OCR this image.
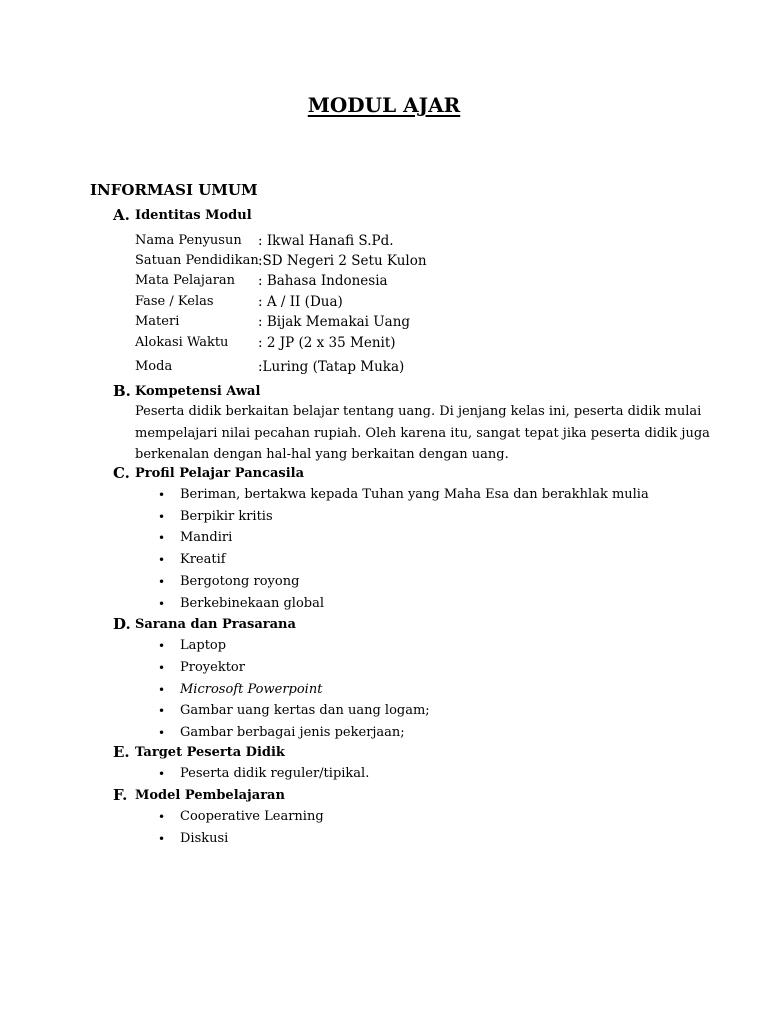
MODUL AJAR
INFORMASI UMUM
A. Identitas Modul
Nama Penyusun : Ikwal Hanafi S.Pd.
Satuan Pendidikan :SD Negeri 2 Setu Kulon
Mata Pelajaran : Bahasa Indonesia
Fase / Kelas	: A / II (Dua)
Materi	: Bijak Memakai Uang
Alokasi Waktu : 2 JP (2 x 35 Menit)
Moda	:Luring (Tatap Muka)
B. Kompetensi Awal
Peserta didik berkaitan belajar tentang uang. Di jenjang kelas ini, peserta didik mulai
mempelajari nilai pecahan rupiah. Oleh karena itu, sangat tepat jika peserta didik juga
berkenalan dengan hal-hal yang berkaitan dengan uang.
C. Profil Pelajar Pancasila
• Beriman, bertakwa kepada Tuhan yang Maha Esa dan berakhlak mulia
• Berpikir kritis
• Mandiri
• Kreatif
• Bergotong royong
• Berkebinekaan global
D. Sarana dan Prasarana
• Laptop
• Proyektor
• Microsoft Powerpoint
• Gambar uang kertas dan uang logam;
• Gambar berbagai jenis pekerjaan;
E. Target Peserta Didik
• Peserta didik reguler/tipikal.
F. Model Pembelajaran
• Cooperative Learning
• Diskusi
